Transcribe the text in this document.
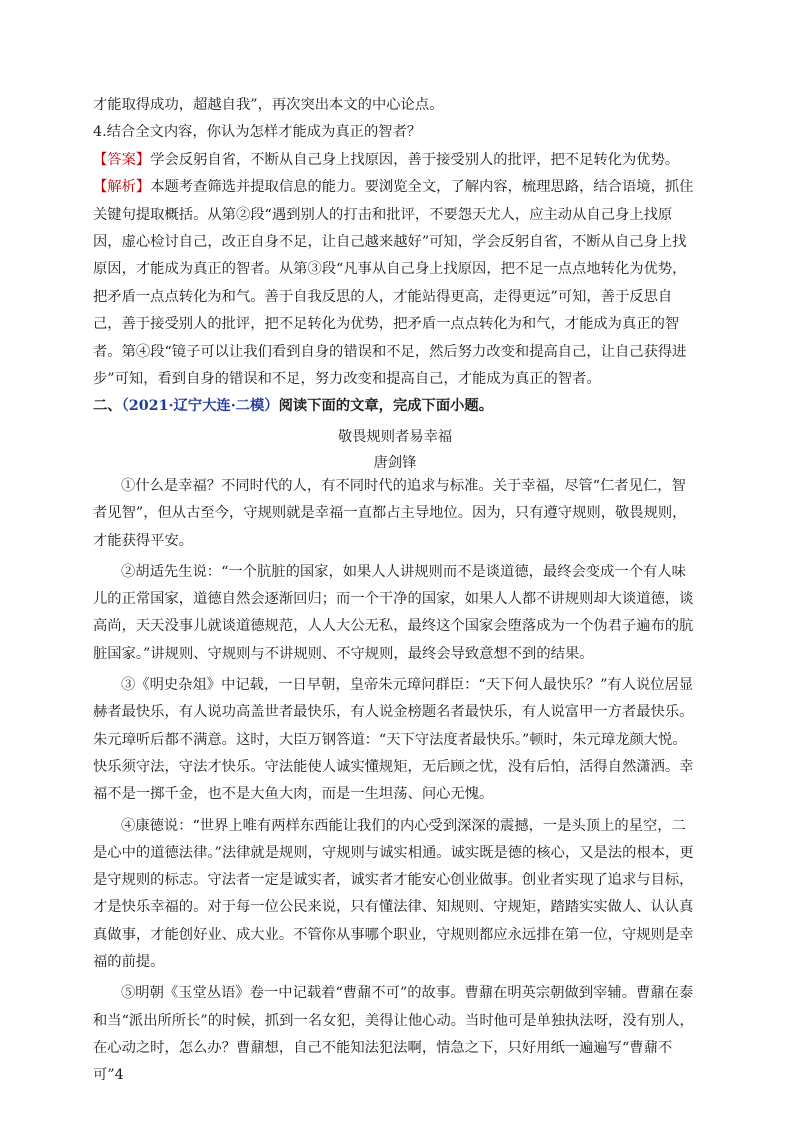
才能取得成功，超越自我”，再次突出本文的中心论点。

4.结合全文内容，你认为怎样才能成为真正的智者？

【答案】学会反躬自省，不断从自己身上找原因，善于接受别人的批评，把不足转化为优势。

【解析】本题考查筛选并提取信息的能力。要浏览全文，了解内容，梳理思路，结合语境，抓住关键句提取概括。从第②段“遇到别人的打击和批评，不要怨天尤人，应主动从自己身上找原因，虚心检讨自己，改正自身不足，让自己越来越好”可知，学会反躬自省，不断从自己身上找原因，才能成为真正的智者。从第③段“凡事从自己身上找原因，把不足一点点地转化为优势，把矛盾一点点转化为和气。善于自我反思的人，才能站得更高，走得更远”可知，善于反思自己，善于接受别人的批评，把不足转化为优势，把矛盾一点点转化为和气，才能成为真正的智者。第④段“镜子可以让我们看到自身的错误和不足，然后努力改变和提高自己，让自己获得进步”可知，看到自身的错误和不足，努力改变和提高自己，才能成为真正的智者。

二、（2021·辽宁大连·二模）阅读下面的文章，完成下面小题。

敬畏规则者易幸福
唐剑锋

①什么是幸福？不同时代的人，有不同时代的追求与标准。关于幸福，尽管“仁者见仁，智者见智”，但从古至今，守规则就是幸福一直都占主导地位。因为，只有遵守规则，敬畏规则，才能获得平安。

②胡适先生说：“一个肮脏的国家，如果人人讲规则而不是谈道德，最终会变成一个有人味儿的正常国家，道德自然会逐渐回归；而一个干净的国家，如果人人都不讲规则却大谈道德，谈高尚，天天没事儿就谈道德规范，人人大公无私，最终这个国家会堕落成为一个伪君子遍布的肮脏国家。”讲规则、守规则与不讲规则、不守规则，最终会导致意想不到的结果。

③《明史杂俎》中记载，一日早朝，皇帝朱元璋问群臣：“天下何人最快乐？”有人说位居显赫者最快乐，有人说功高盖世者最快乐，有人说金榜题名者最快乐，有人说富甲一方者最快乐。朱元璋听后都不满意。这时，大臣万钢答道：“天下守法度者最快乐。”顿时，朱元璋龙颜大悦。快乐须守法，守法才快乐。守法能使人诚实懂规矩，无后顾之忧，没有后怕，活得自然潇洒。幸福不是一掷千金，也不是大鱼大肉，而是一生坦荡、问心无愧。

④康德说：“世界上唯有两样东西能让我们的内心受到深深的震撼，一是头顶上的星空，二是心中的道德法律。”法律就是规则，守规则与诚实相通。诚实既是德的核心，又是法的根本，更是守规则的标志。守法者一定是诚实者，诚实者才能安心创业做事。创业者实现了追求与目标，才是快乐幸福的。对于每一位公民来说，只有懂法律、知规则、守规矩，踏踏实实做人、认认真真做事，才能创好业、成大业。不管你从事哪个职业，守规则都应永远排在第一位，守规则是幸福的前提。

⑤明朝《玉堂丛语》卷一中记载着“曹鼐不可”的故事。曹鼐在明英宗朝做到宰辅。曹鼐在泰和当“派出所所长”的时候，抓到一名女犯，美得让他心动。当时他可是单独执法呀，没有别人，在心动之时，怎么办？曹鼐想，自己不能知法犯法啊，情急之下，只好用纸一遍遍写“曹鼐不可”4
